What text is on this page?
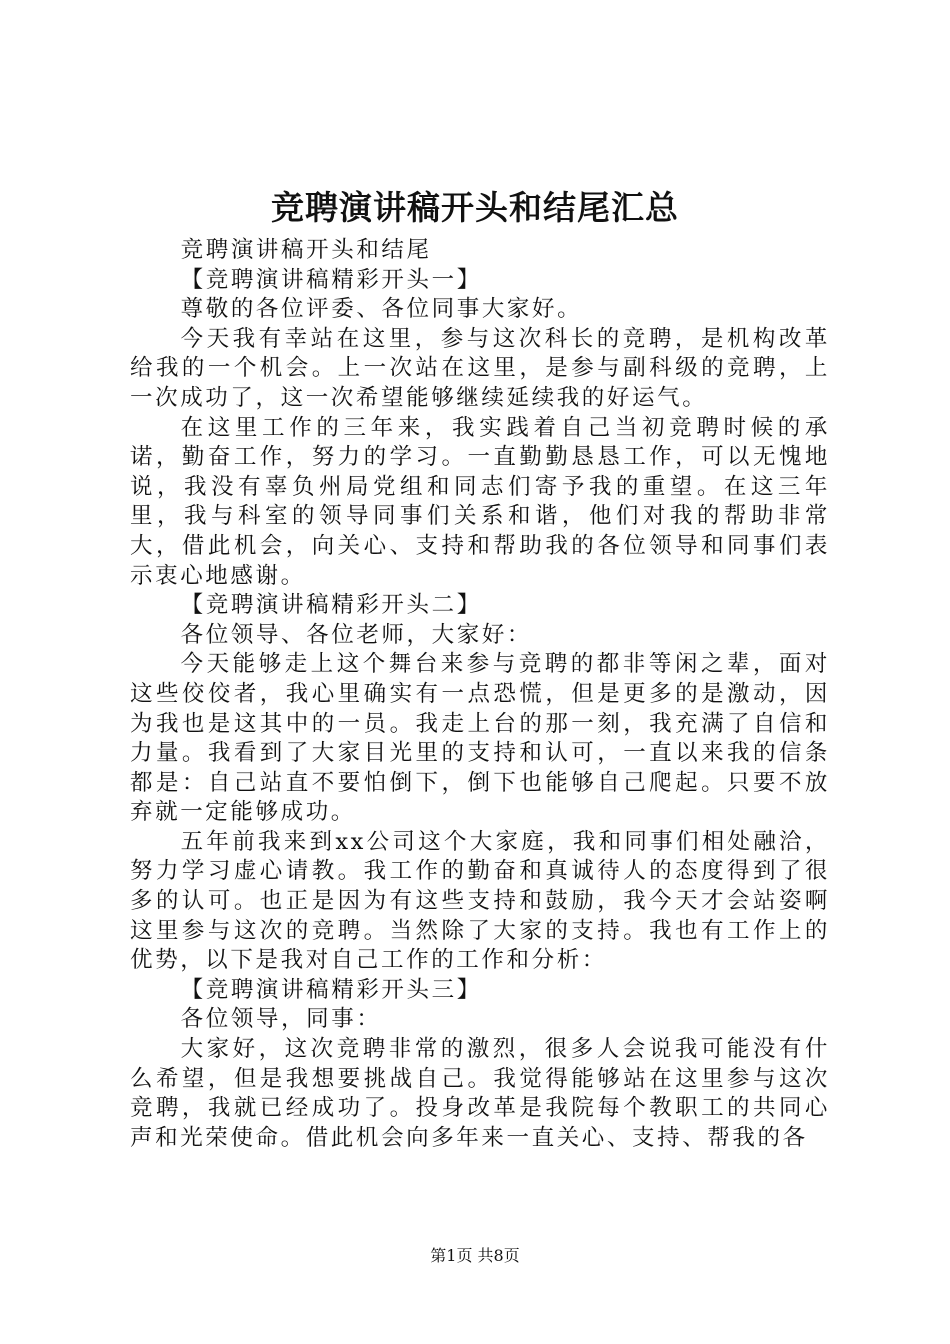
竞聘演讲稿开头和结尾汇总

竞聘演讲稿开头和结尾

【竞聘演讲稿精彩开头一】

尊敬的各位评委、各位同事大家好。

今天我有幸站在这里，参与这次科长的竞聘，是机构改革给我的一个机会。上一次站在这里，是参与副科级的竞聘，上一次成功了，这一次希望能够继续延续我的好运气。

在这里工作的三年来，我实践着自己当初竞聘时候的承诺，勤奋工作，努力的学习。一直勤勤恳恳工作，可以无愧地说，我没有辜负州局党组和同志们寄予我的重望。在这三年里，我与科室的领导同事们关系和谐，他们对我的帮助非常大，借此机会，向关心、支持和帮助我的各位领导和同事们表示衷心地感谢。

【竞聘演讲稿精彩开头二】

各位领导、各位老师，大家好：

今天能够走上这个舞台来参与竞聘的都非等闲之辈，面对这些佼佼者，我心里确实有一点恐慌，但是更多的是激动，因为我也是这其中的一员。我走上台的那一刻，我充满了自信和力量。我看到了大家目光里的支持和认可，一直以来我的信条都是：自己站直不要怕倒下，倒下也能够自己爬起。只要不放弃就一定能够成功。

五年前我来到xx公司这个大家庭，我和同事们相处融洽，努力学习虚心请教。我工作的勤奋和真诚待人的态度得到了很多的认可。也正是因为有这些支持和鼓励，我今天才会站姿啊这里参与这次的竞聘。当然除了大家的支持。我也有工作上的优势，以下是我对自己工作的工作和分析：

【竞聘演讲稿精彩开头三】

各位领导，同事：

大家好，这次竞聘非常的激烈，很多人会说我可能没有什么希望，但是我想要挑战自己。我觉得能够站在这里参与这次竞聘，我就已经成功了。投身改革是我院每个教职工的共同心声和光荣使命。借此机会向多年来一直关心、支持、帮我的各

第1页 共8页
